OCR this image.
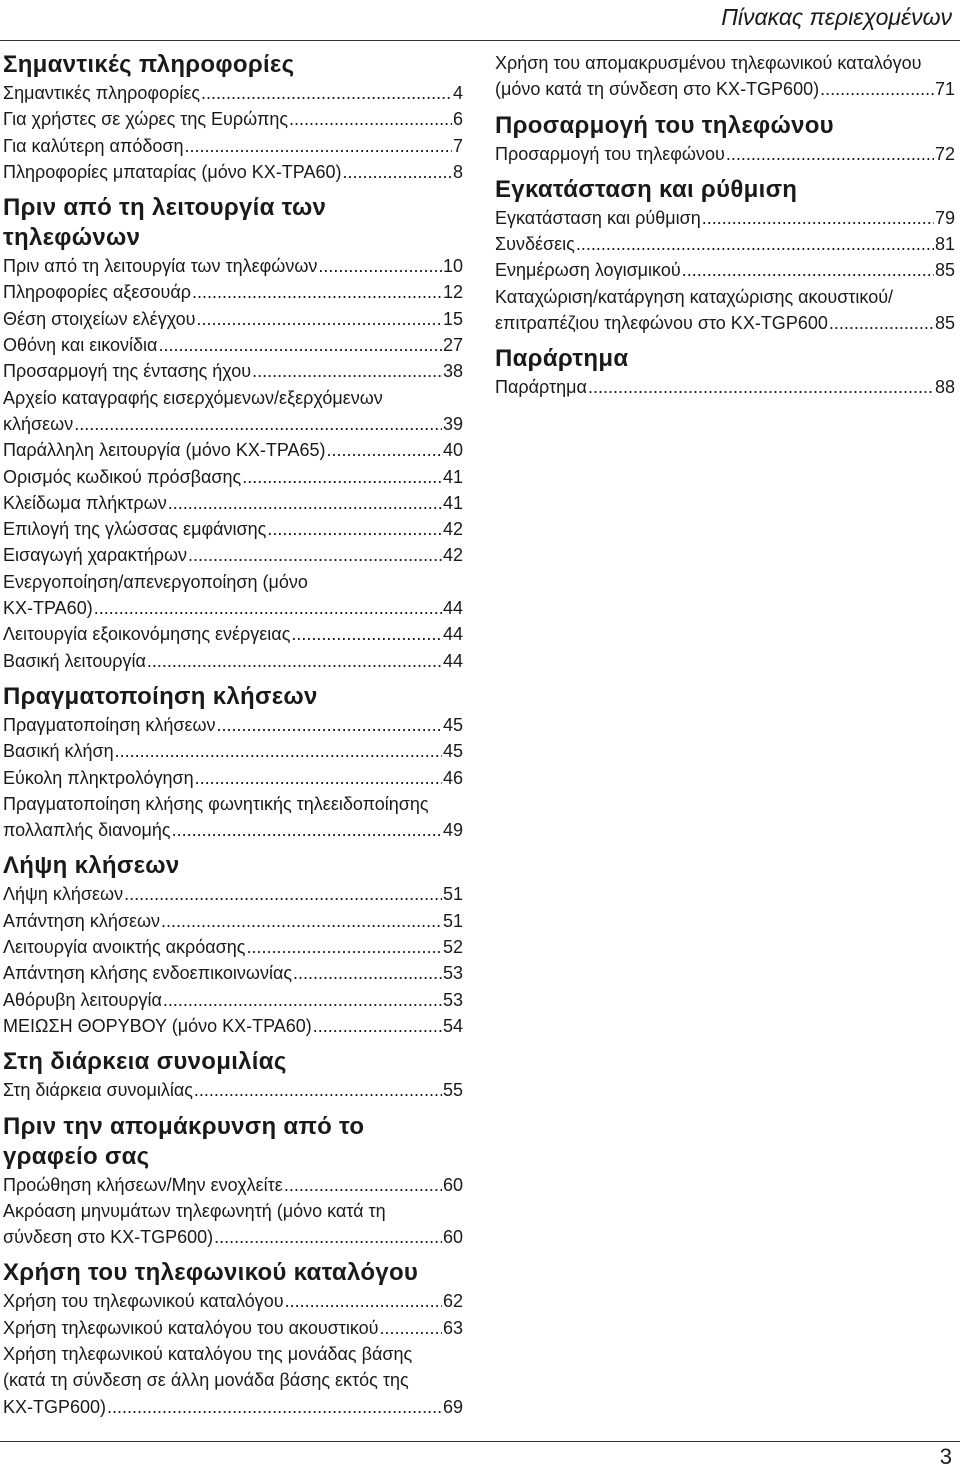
Πίνακας περιεχομένων
Σημαντικές πληροφορίες
Σημαντικές πληροφορίες .....	4
Για χρήστες σε χώρες της Ευρώπης .....	6
Για καλύτερη απόδοση .....	7
Πληροφορίες μπαταρίας (μόνο KX-TPA60) .....	8
Πριν από τη λειτουργία των τηλεφώνων
Πριν από τη λειτουργία των τηλεφώνων .....	10
Πληροφορίες αξεσουάρ .....	12
Θέση στοιχείων ελέγχου .....	15
Οθόνη και εικονίδια .....	27
Προσαρμογή της έντασης ήχου .....	38
Αρχείο καταγραφής εισερχόμενων/εξερχόμενων
κλήσεων .....	39
Παράλληλη λειτουργία (μόνο KX-TPA65) .....	40
Ορισμός κωδικού πρόσβασης .....	41
Κλείδωμα πλήκτρων .....	41
Επιλογή της γλώσσας εμφάνισης .....	42
Εισαγωγή χαρακτήρων .....	42
Ενεργοποίηση/απενεργοποίηση (μόνο
KX-TPA60) .....	44
Λειτουργία εξοικονόμησης ενέργειας .....	44
Βασική λειτουργία .....	44
Πραγματοποίηση κλήσεων
Πραγματοποίηση κλήσεων .....	45
Βασική κλήση .....	45
Εύκολη πληκτρολόγηση .....	46
Πραγματοποίηση κλήσης φωνητικής τηλεειδοποίησης
πολλαπλής διανομής .....	49
Λήψη κλήσεων
Λήψη κλήσεων .....	51
Απάντηση κλήσεων .....	51
Λειτουργία ανοικτής ακρόασης .....	52
Απάντηση κλήσης ενδοεπικοινωνίας .....	53
Αθόρυβη λειτουργία .....	53
ΜΕΙΩΣΗ ΘΟΡΥΒΟΥ (μόνο KX-TPA60) .....	54
Στη διάρκεια συνομιλίας
Στη διάρκεια συνομιλίας .....	55
Πριν την απομάκρυνση από το γραφείο σας
Προώθηση κλήσεων/Μην ενοχλείτε .....	60
Ακρόαση μηνυμάτων τηλεφωνητή (μόνο κατά τη
σύνδεση στο KX-TGP600) .....	60
Χρήση του τηλεφωνικού καταλόγου
Χρήση του τηλεφωνικού καταλόγου .....	62
Χρήση τηλεφωνικού καταλόγου του ακουστικού .....	63
Χρήση τηλεφωνικού καταλόγου της μονάδας βάσης
(κατά τη σύνδεση σε άλλη μονάδα βάσης εκτός της
KX-TGP600) .....	69
Χρήση του απομακρυσμένου τηλεφωνικού καταλόγου
(μόνο κατά τη σύνδεση στο KX-TGP600) .....	71
Προσαρμογή του τηλεφώνου
Προσαρμογή του τηλεφώνου .....	72
Εγκατάσταση και ρύθμιση
Εγκατάσταση και ρύθμιση .....	79
Συνδέσεις .....	81
Ενημέρωση λογισμικού .....	85
Καταχώριση/κατάργηση καταχώρισης ακουστικού/
επιτραπέζιου τηλεφώνου στο KX-TGP600 .....	85
Παράρτημα
Παράρτημα .....	88
3
